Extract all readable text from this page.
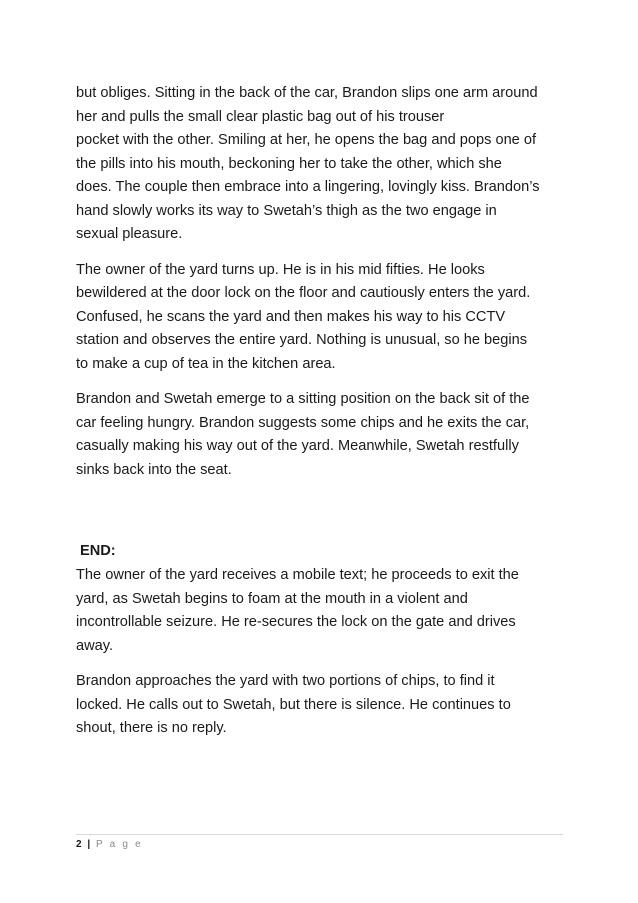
but obliges. Sitting in the back of the car, Brandon slips one arm around
her and pulls the small clear plastic bag out of his trouser
pocket with the other. Smiling at her, he opens the bag and pops one of
the pills into his mouth, beckoning her to take the other, which she
does. The couple then embrace into a lingering, lovingly kiss. Brandon’s
hand slowly works its way to Swetah’s thigh as the two engage in
sexual pleasure.

The owner of the yard turns up. He is in his mid fifties. He looks
bewildered at the door lock on the floor and cautiously enters the yard.
Confused, he scans the yard and then makes his way to his CCTV
station and observes the entire yard. Nothing is unusual, so he begins
to make a cup of tea in the kitchen area.

Brandon and Swetah emerge to a sitting position on the back sit of the
car feeling hungry. Brandon suggests some chips and he exits the car,
casually making his way out of the yard. Meanwhile, Swetah restfully
sinks back into the seat.

END:

The owner of the yard receives a mobile text; he proceeds to exit the
yard, as Swetah begins to foam at the mouth in a violent and
incontrollable seizure. He re-secures the lock on the gate and drives
away.

Brandon approaches the yard with two portions of chips, to find it
locked. He calls out to Swetah, but there is silence. He continues to
shout, there is no reply.

2 | P a g e
